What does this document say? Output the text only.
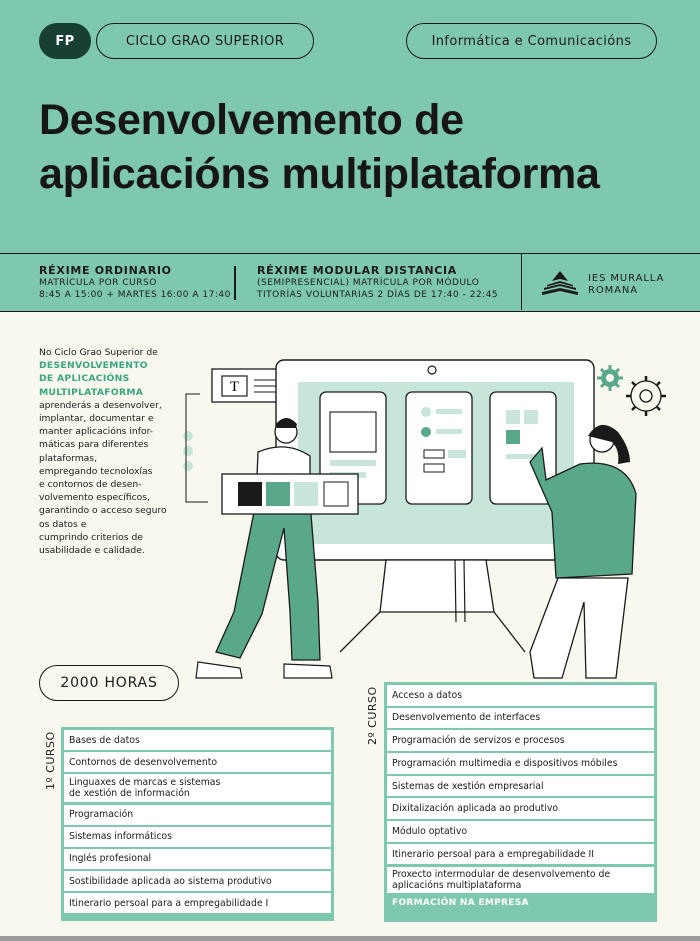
FP	CICLO GRAO SUPERIOR	Informática e Comunicacións
Desenvolvemento de
aplicacións multiplataforma
RÉXIME ORDINARIO
MATRÍCULA POR CURSO
8:45 A 15:00 + MARTES 16:00 A 17:40
RÉXIME MODULAR DISTANCIA
(SEMIPRESENCIAL) MATRÍCULA POR MÓDULO
TITORÍAS VOLUNTARIAS 2 DÍAS DE 17:40 - 22:45
IES MURALLA
ROMANA
No Ciclo Grao Superior de
DESENVOLVEMENTO
DE APLICACIÓNS
MULTIPLATAFORMA
aprenderás a desenvolver,
implantar, documentar e
manter aplicacións infor-
máticas para diferentes
plataformas,
empregando tecnoloxías
e contornos de desen-
volvemento específicos,
garantindo o acceso seguro
os datos e
cumprindo criterios de
usabilidade e calidade.
T
2000 HORAS
1º CURSO
2º CURSO
Bases de datos
Contornos de desenvolvemento
Linguaxes de marcas e sistemas
de xestión de información
Programación
Sistemas informáticos
Inglés profesional
Sostibilidade aplicada ao sistema produtivo
Itinerario persoal para a empregabilidade I
Acceso a datos
Desenvolvemento de interfaces
Programación de servizos e procesos
Programación multimedia e dispositivos móbiles
Sistemas de xestión empresarial
Dixitalización aplicada ao produtivo
Módulo optativo
Itinerario persoal para a empregabilidade II
Proxecto intermodular de desenvolvemento de
aplicacións multiplataforma
FORMACIÓN NA EMPRESA
